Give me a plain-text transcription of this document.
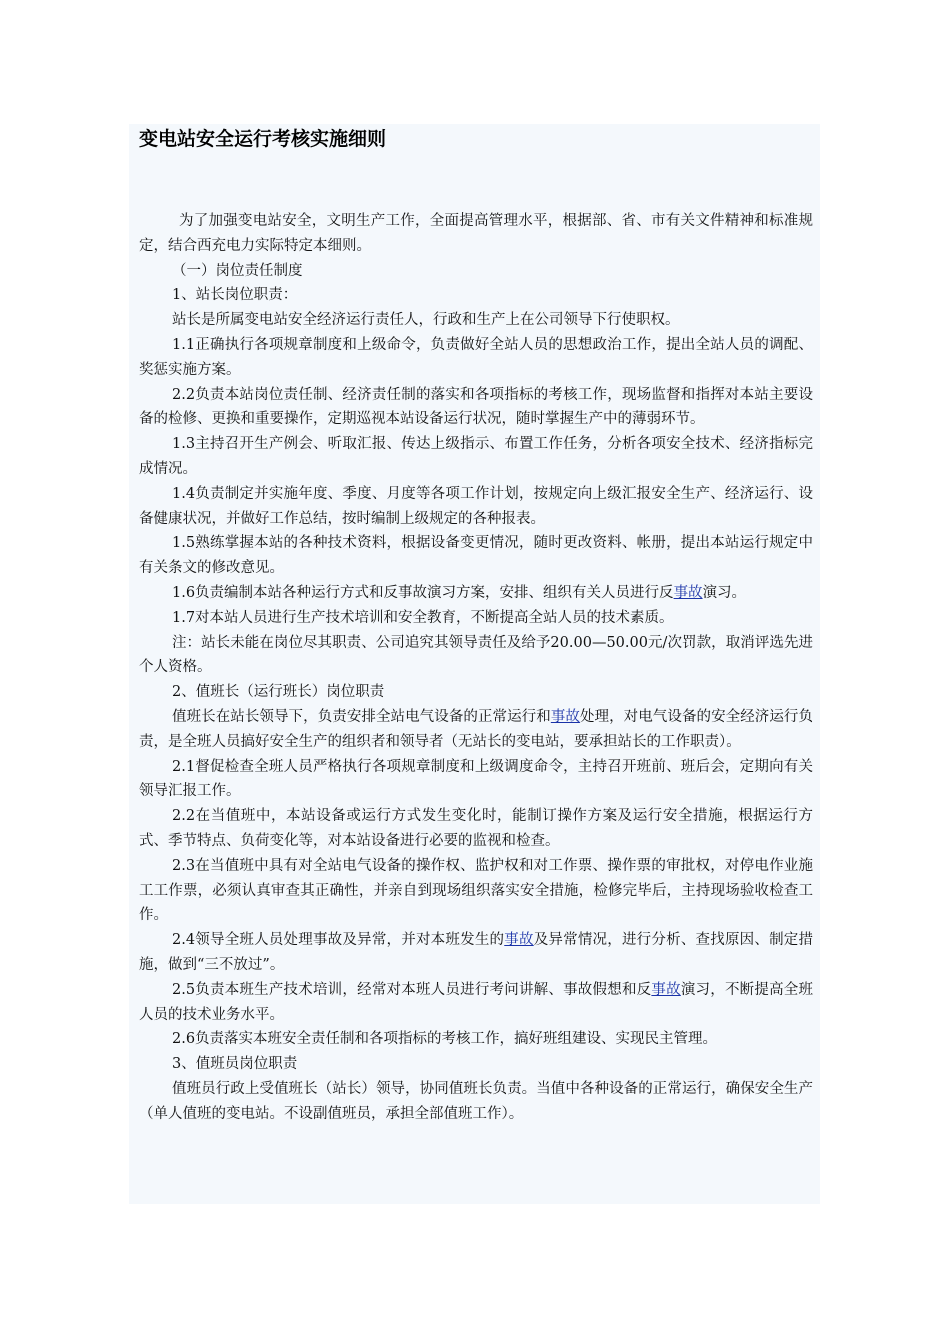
变电站安全运行考核实施细则

为了加强变电站安全，文明生产工作，全面提高管理水平，根据部、省、市有关文件精神和标准规定，结合西充电力实际特定本细则。

（一）岗位责任制度

1、站长岗位职责：

站长是所属变电站安全经济运行责任人，行政和生产上在公司领导下行使职权。

1.1正确执行各项规章制度和上级命令，负责做好全站人员的思想政治工作，提出全站人员的调配、奖惩实施方案。

2.2负责本站岗位责任制、经济责任制的落实和各项指标的考核工作，现场监督和指挥对本站主要设备的检修、更换和重要操作，定期巡视本站设备运行状况，随时掌握生产中的薄弱环节。

1.3主持召开生产例会、听取汇报、传达上级指示、布置工作任务，分析各项安全技术、经济指标完成情况。

1.4负责制定并实施年度、季度、月度等各项工作计划，按规定向上级汇报安全生产、经济运行、设备健康状况，并做好工作总结，按时编制上级规定的各种报表。

1.5熟练掌握本站的各种技术资料，根据设备变更情况，随时更改资料、帐册，提出本站运行规定中有关条文的修改意见。

1.6负责编制本站各种运行方式和反事故演习方案，安排、组织有关人员进行反事故演习。

1.7对本站人员进行生产技术培训和安全教育，不断提高全站人员的技术素质。

注：站长未能在岗位尽其职责、公司追究其领导责任及给予20.00—50.00元/次罚款，取消评选先进个人资格。

2、值班长（运行班长）岗位职责

值班长在站长领导下，负责安排全站电气设备的正常运行和事故处理，对电气设备的安全经济运行负责，是全班人员搞好安全生产的组织者和领导者（无站长的变电站，要承担站长的工作职责）。

2.1督促检查全班人员严格执行各项规章制度和上级调度命令，主持召开班前、班后会，定期向有关领导汇报工作。

2.2在当值班中，本站设备或运行方式发生变化时，能制订操作方案及运行安全措施，根据运行方式、季节特点、负荷变化等，对本站设备进行必要的监视和检查。

2.3在当值班中具有对全站电气设备的操作权、监护权和对工作票、操作票的审批权，对停电作业施工工作票，必须认真审查其正确性，并亲自到现场组织落实安全措施，检修完毕后，主持现场验收检查工作。

2.4领导全班人员处理事故及异常，并对本班发生的事故及异常情况，进行分析、查找原因、制定措施，做到“三不放过”。

2.5负责本班生产技术培训，经常对本班人员进行考问讲解、事故假想和反事故演习，不断提高全班人员的技术业务水平。

2.6负责落实本班安全责任制和各项指标的考核工作，搞好班组建设、实现民主管理。

3、值班员岗位职责

值班员行政上受值班长（站长）领导，协同值班长负责。当值中各种设备的正常运行，确保安全生产（单人值班的变电站。不设副值班员，承担全部值班工作）。
